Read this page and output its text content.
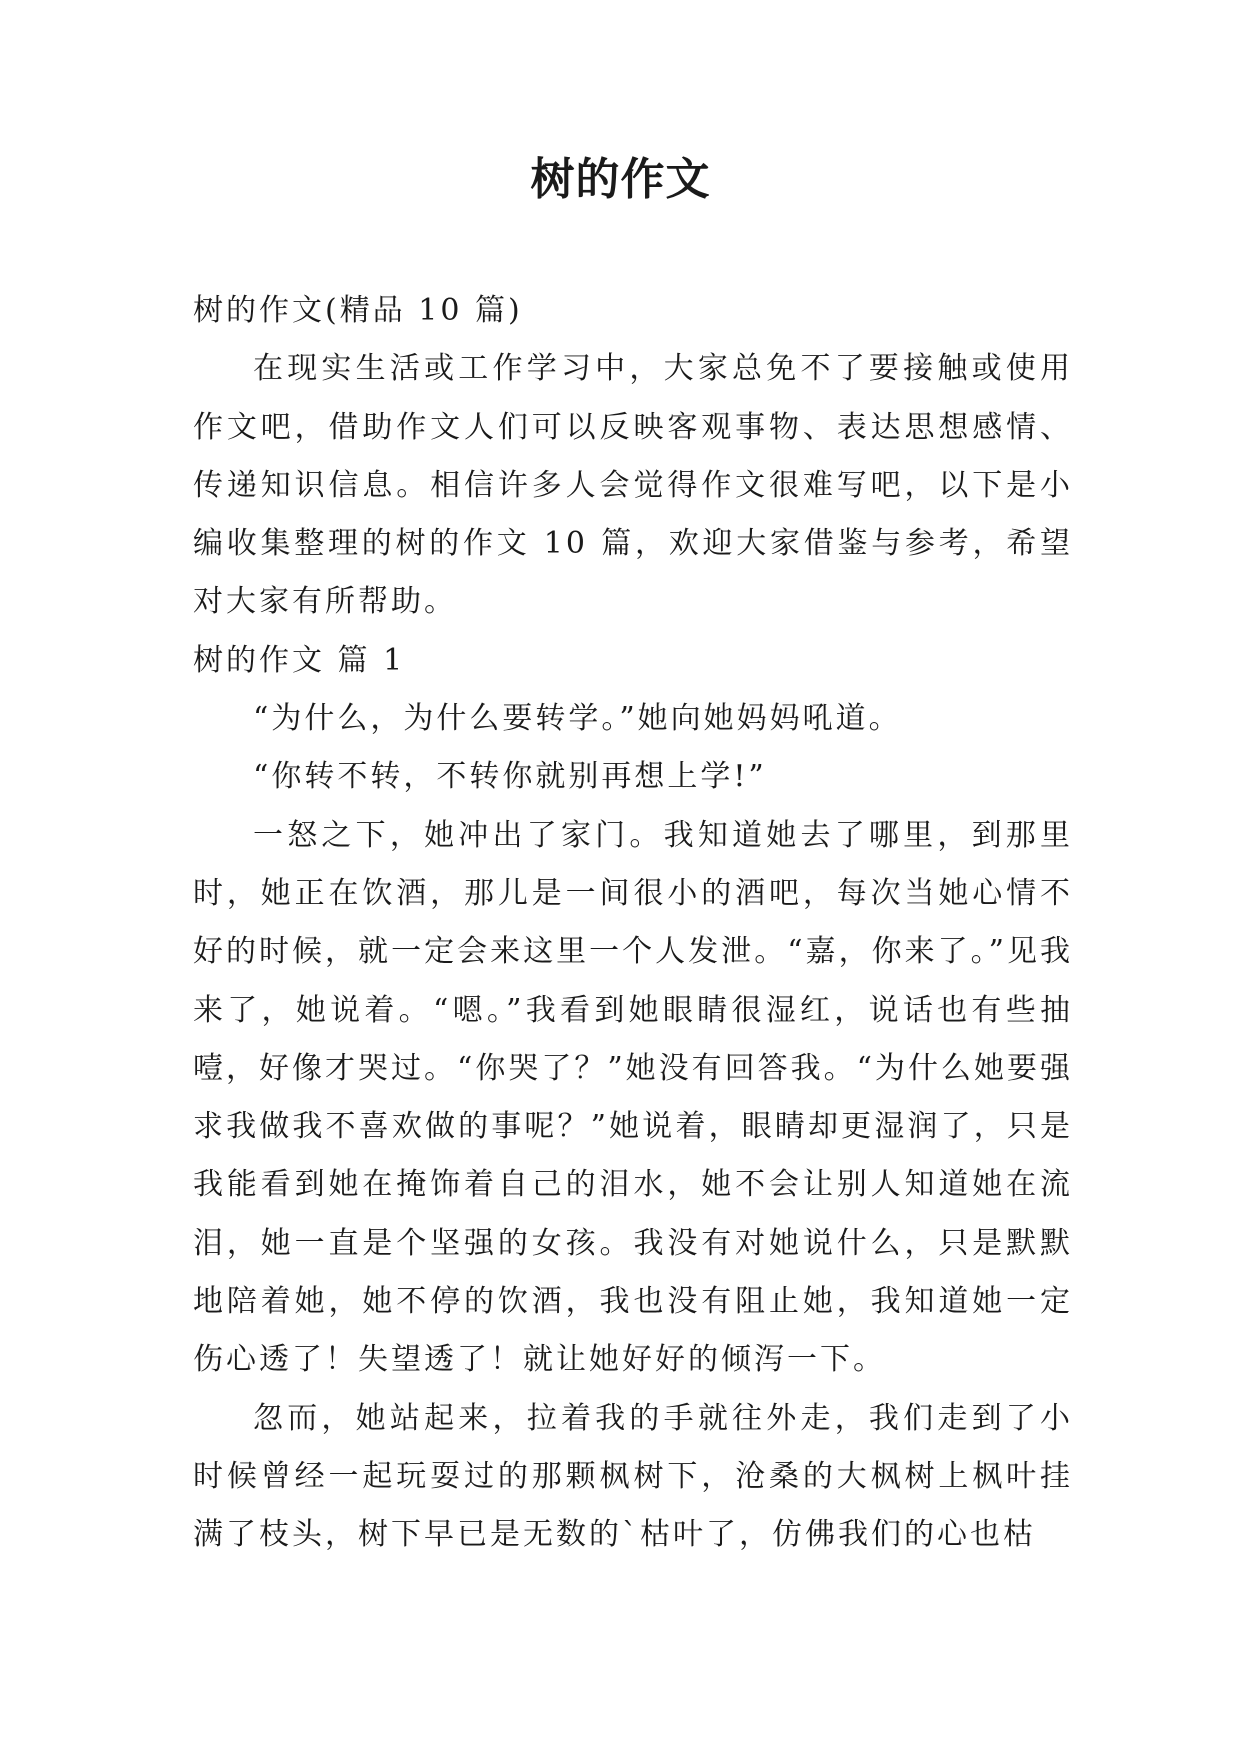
树的作文

树的作文(精品 10 篇)

在现实生活或工作学习中，大家总免不了要接触或使用作文吧，借助作文人们可以反映客观事物、表达思想感情、传递知识信息。相信许多人会觉得作文很难写吧，以下是小编收集整理的树的作文 10 篇，欢迎大家借鉴与参考，希望对大家有所帮助。

树的作文 篇 1

“为什么，为什么要转学。”她向她妈妈吼道。

“你转不转，不转你就别再想上学!”

一怒之下，她冲出了家门。我知道她去了哪里，到那里时，她正在饮酒，那儿是一间很小的酒吧，每次当她心情不好的时候，就一定会来这里一个人发泄。“嘉，你来了。”见我来了，她说着。“嗯。”我看到她眼睛很湿红，说话也有些抽噎，好像才哭过。“你哭了？”她没有回答我。“为什么她要强求我做我不喜欢做的事呢？”她说着，眼睛却更湿润了，只是我能看到她在掩饰着自己的泪水，她不会让别人知道她在流泪，她一直是个坚强的女孩。我没有对她说什么，只是默默地陪着她，她不停的饮酒，我也没有阻止她，我知道她一定伤心透了！失望透了！就让她好好的倾泻一下。

忽而，她站起来，拉着我的手就往外走，我们走到了小时候曾经一起玩耍过的那颗枫树下，沧桑的大枫树上枫叶挂满了枝头，树下早已是无数的`枯叶了，仿佛我们的心也枯
